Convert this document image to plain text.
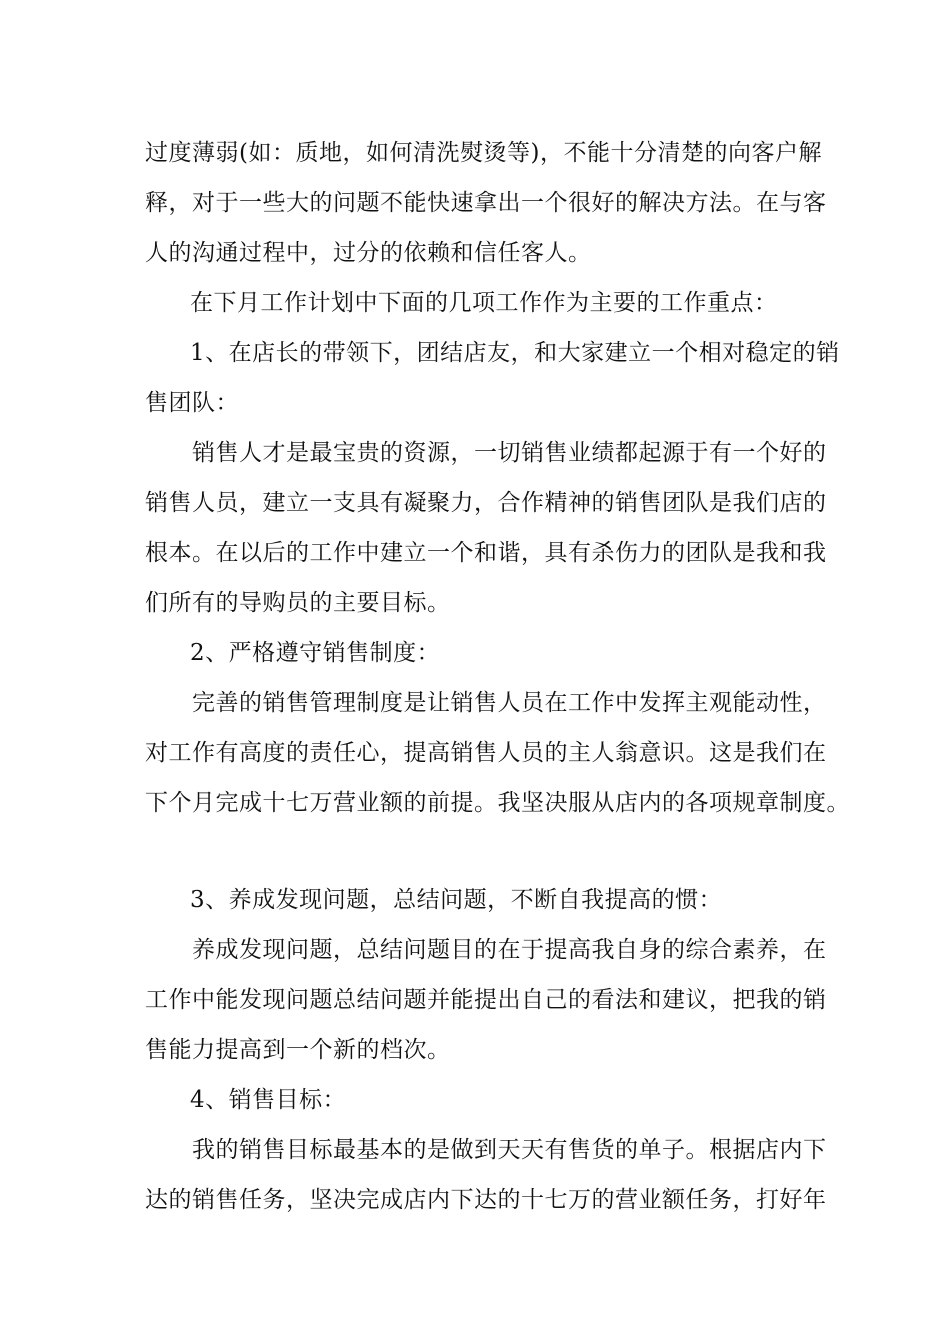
过度薄弱(如：质地，如何清洗熨烫等)，不能十分清楚的向客户解
释，对于一些大的问题不能快速拿出一个很好的解决方法。在与客
人的沟通过程中，过分的依赖和信任客人。
在下月工作计划中下面的几项工作作为主要的工作重点：
1、在店长的带领下，团结店友，和大家建立一个相对稳定的销
售团队：
销售人才是最宝贵的资源，一切销售业绩都起源于有一个好的
销售人员，建立一支具有凝聚力，合作精神的销售团队是我们店的
根本。在以后的工作中建立一个和谐，具有杀伤力的团队是我和我
们所有的导购员的主要目标。
2、严格遵守销售制度：
完善的销售管理制度是让销售人员在工作中发挥主观能动性，
对工作有高度的责任心，提高销售人员的主人翁意识。这是我们在
下个月完成十七万营业额的前提。我坚决服从店内的各项规章制度。
3、养成发现问题，总结问题，不断自我提高的惯：
养成发现问题，总结问题目的在于提高我自身的综合素养，在
工作中能发现问题总结问题并能提出自己的看法和建议，把我的销
售能力提高到一个新的档次。
4、销售目标：
我的销售目标最基本的是做到天天有售货的单子。根据店内下
达的销售任务，坚决完成店内下达的十七万的营业额任务，打好年
